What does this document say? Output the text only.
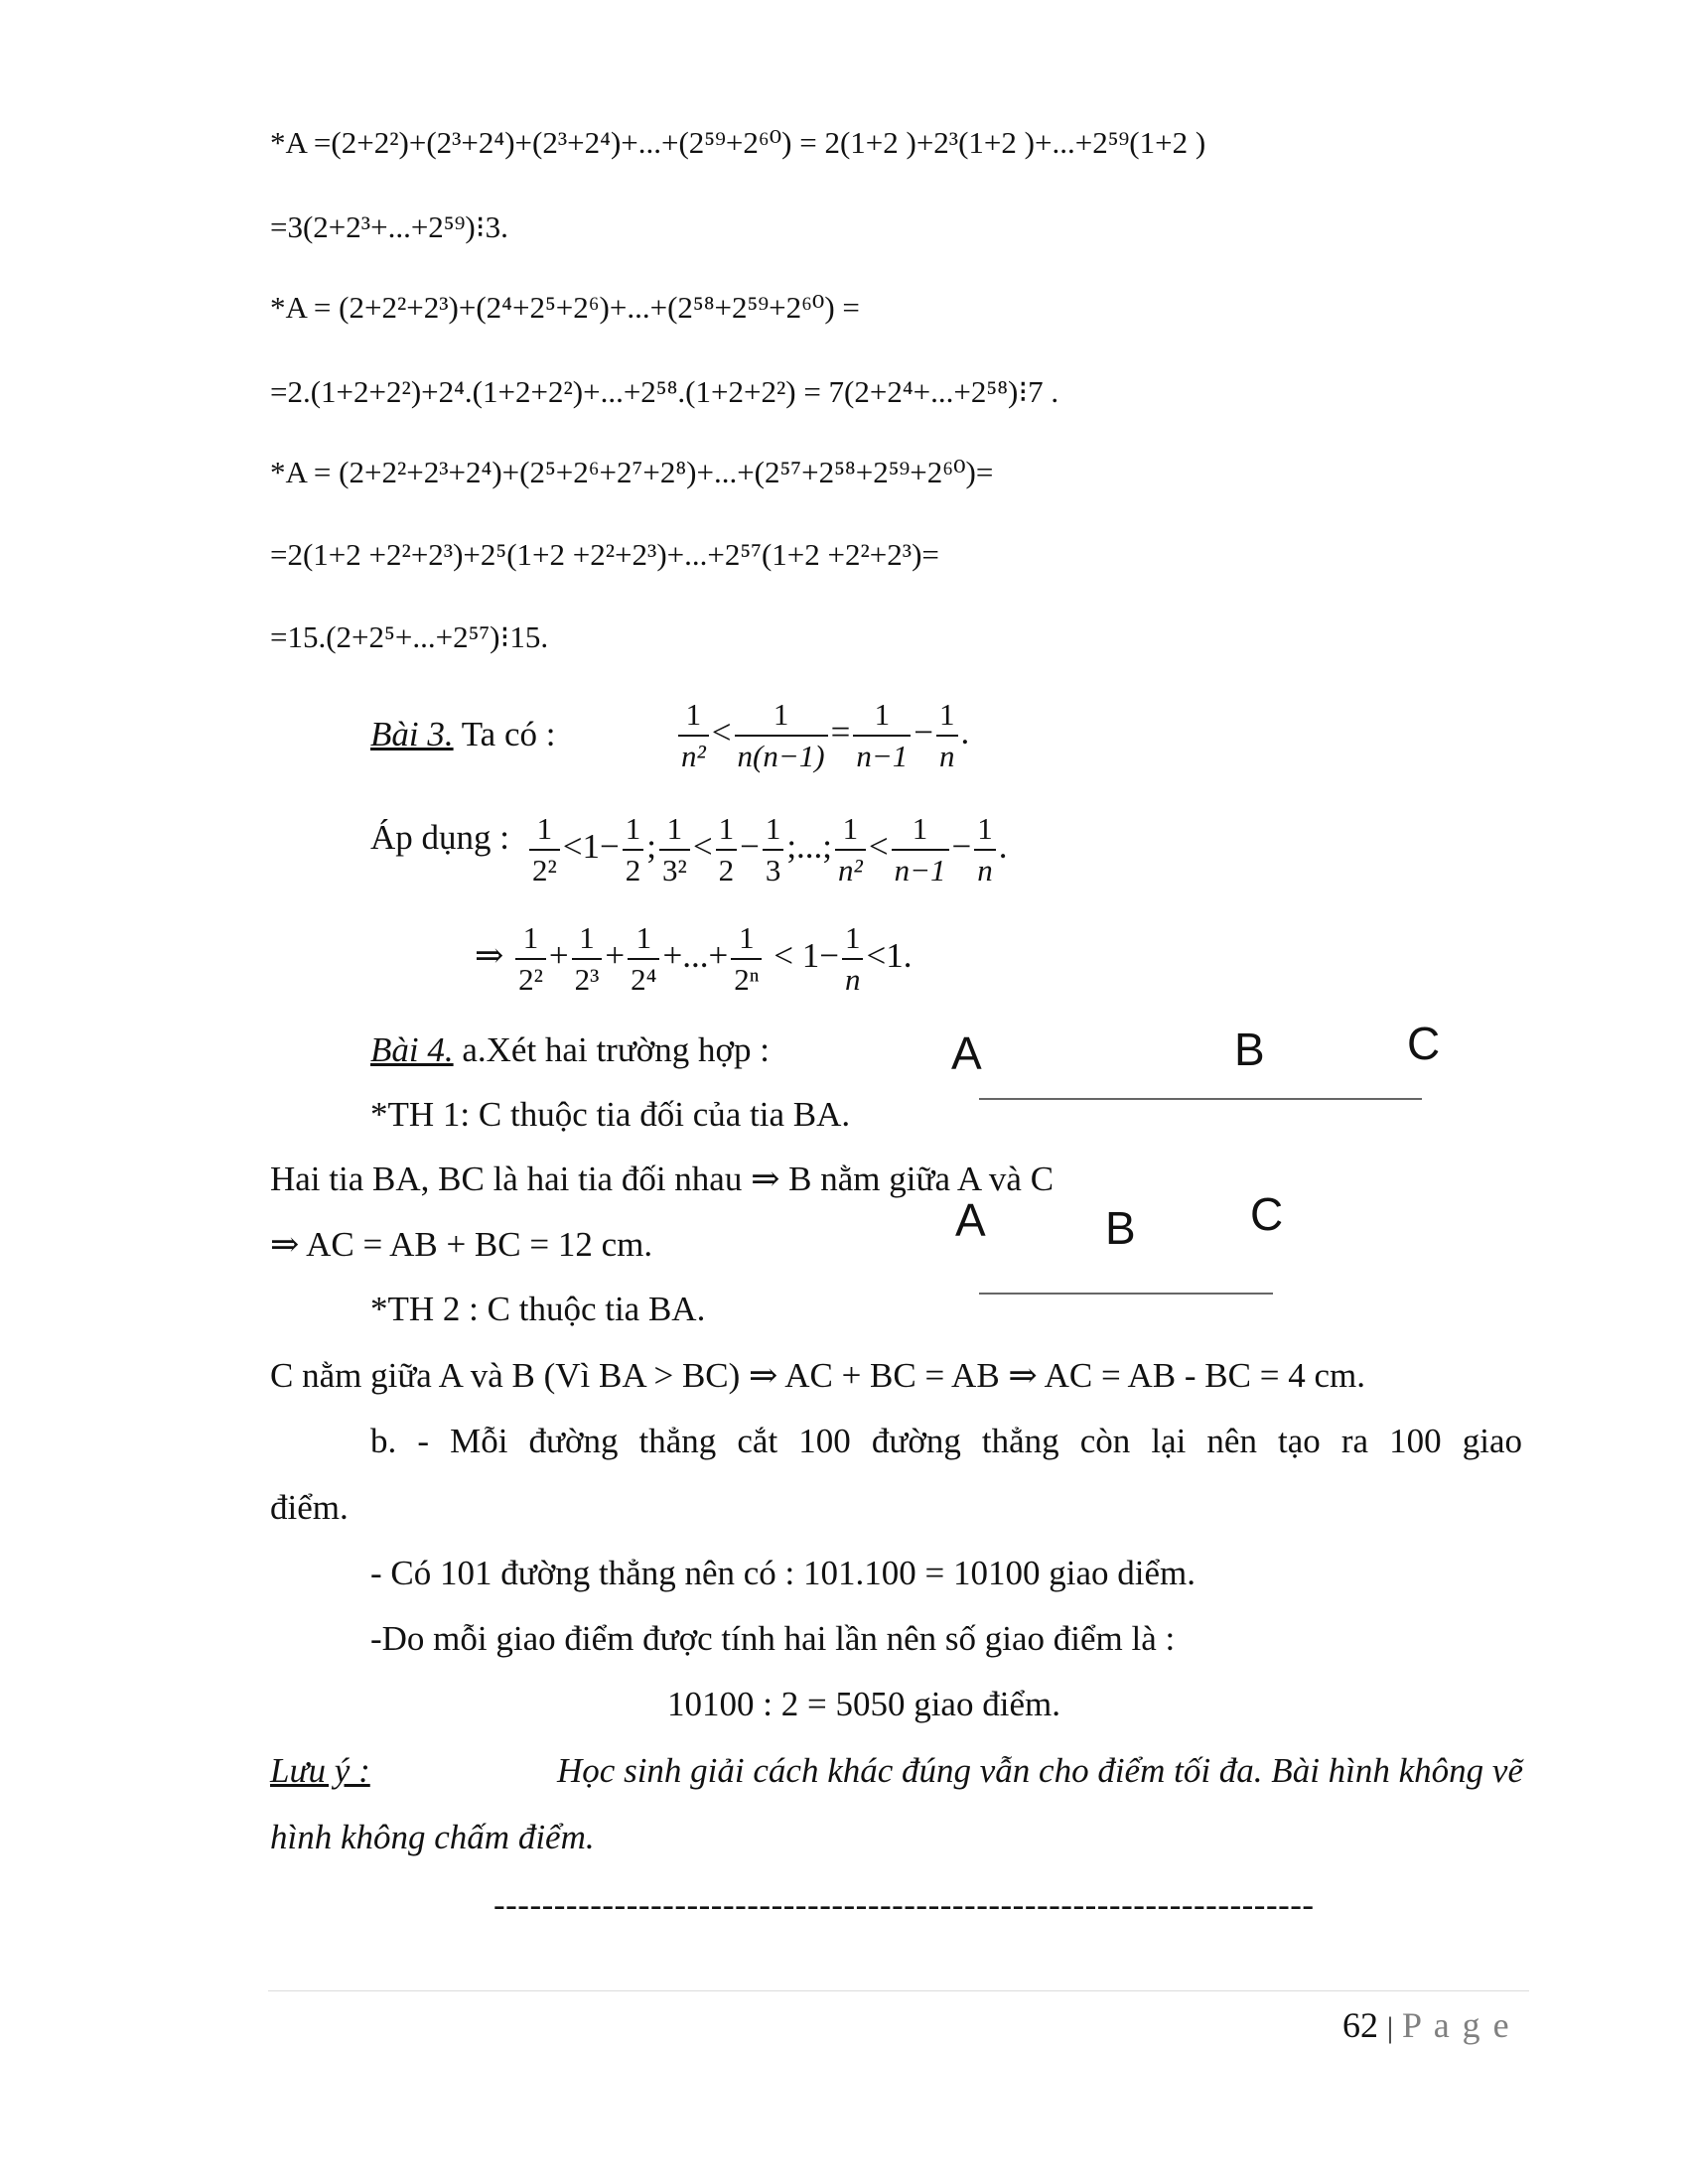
*A =(2+2²)+(2³+2⁴)+(2³+2⁴)+...+(2⁵⁹+2⁶⁰) = 2(1+2 )+2³(1+2 )+...+2⁵⁹(1+2 )
=3(2+2³+...+2⁵⁹)⁝3.
*A = (2+2²+2³)+(2⁴+2⁵+2⁶)+...+(2⁵⁸+2⁵⁹+2⁶⁰) =
=2.(1+2+2²)+2⁴.(1+2+2²)+...+2⁵⁸.(1+2+2²) = 7(2+2⁴+...+2⁵⁸)⁝7 .
*A = (2+2²+2³+2⁴)+(2⁵+2⁶+2⁷+2⁸)+...+(2⁵⁷+2⁵⁸+2⁵⁹+2⁶⁰)=
=2(1+2 +2²+2³)+2⁵(1+2 +2²+2³)+...+2⁵⁷(1+2 +2²+2³)=
=15.(2+2⁵+...+2⁵⁷)⁝15.
Bài 3. Ta có :	$\frac{1}{\text{n²}} < \frac{1}{n(n-1)} = \frac{1}{n-1} - \frac{1}{n}$ .
Áp dụng : $\frac{1}{\text{2²}} <1- \frac{1}{2}$ ; $\frac{1}{\text{3²}} < \frac{1}{2} - \frac{1}{3}$ ;...; $\frac{1}{\text{n²}} < \frac{1}{n-1} - \frac{1}{n}$ .
⇒ $\frac{1}{\text{2²}} + \frac{1}{\text{2³}} + \frac{1}{\text{2⁴}}$ +...+ $\frac{1}{\text{2ⁿ}} < 1- \frac{1}{n} <1$.
Bài 4. a.Xét hai trường hợp :	A	B	C
*TH 1: C thuộc tia đối của tia BA.
Hai tia BA, BC là hai tia đối nhau ⇒ B nằm giữa A và C
A	B	C
⇒ AC = AB + BC = 12 cm.
*TH 2 : C thuộc tia BA.
C nằm giữa A và B (Vì BA > BC) ⇒ AC + BC = AB ⇒ AC = AB - BC = 4 cm.
b. - Mỗi đường thẳng cắt 100 đường thẳng còn lại nên tạo ra 100 giao
điểm.
- Có 101 đường thẳng nên có : 101.100 = 10100 giao diểm.
-Do mỗi giao điểm được tính hai lần nên số giao điểm là :
10100 : 2 = 5050 giao điểm.
Lưu ý :	Học sinh giải cách khác đúng vẫn cho điểm tối đa. Bài hình không vẽ
hình không chấm điểm.
--------------------------------------------------------------------
62 | P a g e
